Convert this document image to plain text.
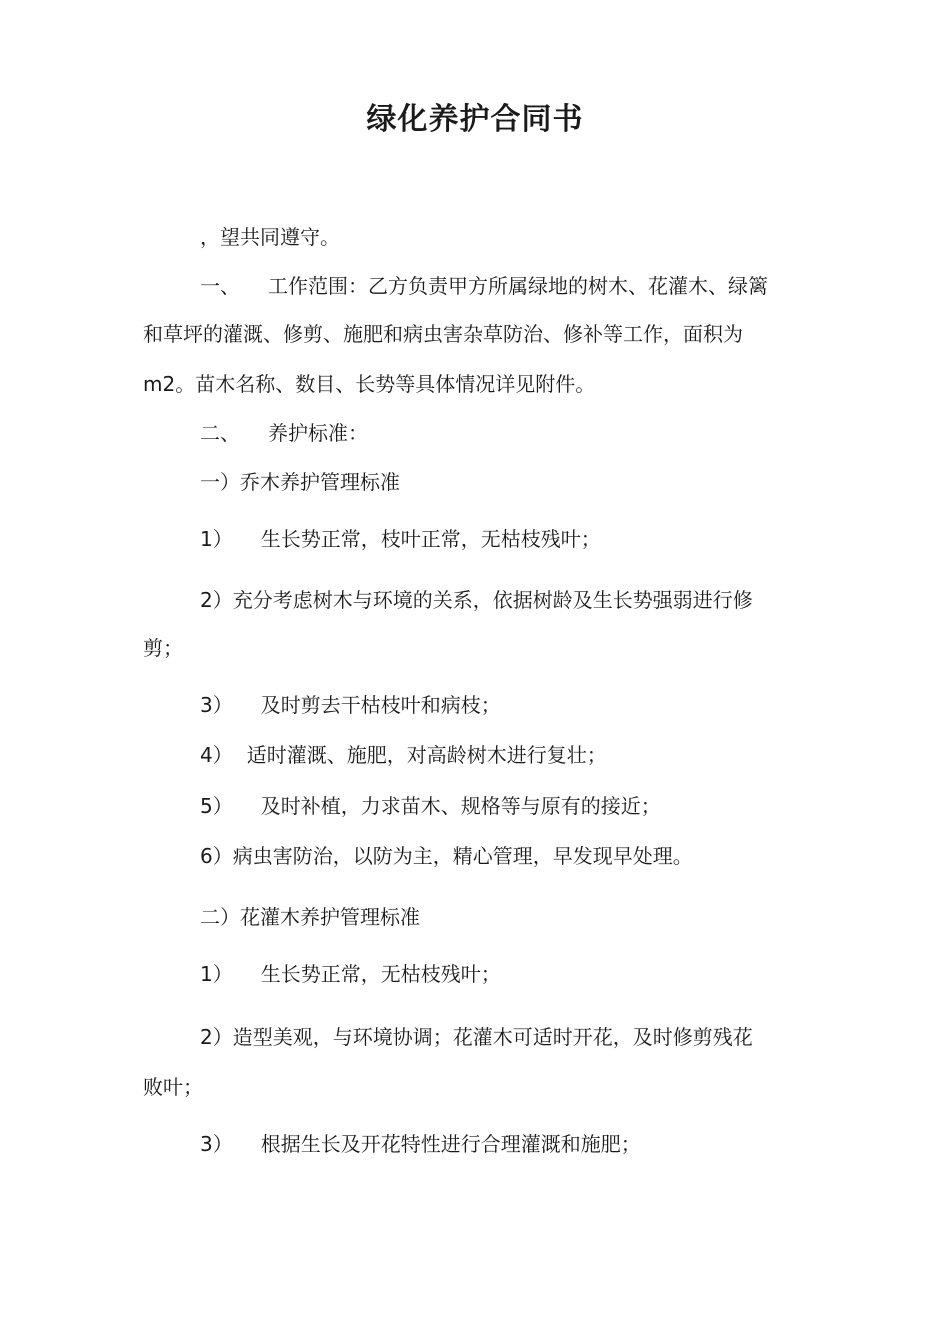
绿化养护合同书
，望共同遵守。
一、 工作范围：乙方负责甲方所属绿地的树木、花灌木、绿篱
和草坪的灌溉、修剪、施肥和病虫害杂草防治、修补等工作，面积为
m2。苗木名称、数目、长势等具体情况详见附件。
二、 养护标准：
一）乔木养护管理标准
1） 生长势正常，枝叶正常，无枯枝残叶；
2）充分考虑树木与环境的关系，依据树龄及生长势强弱进行修
剪；
3） 及时剪去干枯枝叶和病枝；
4） 适时灌溉、施肥，对高龄树木进行复壮；
5） 及时补植，力求苗木、规格等与原有的接近；
6）病虫害防治，以防为主，精心管理，早发现早处理。
二）花灌木养护管理标准
1） 生长势正常，无枯枝残叶；
2）造型美观，与环境协调；花灌木可适时开花，及时修剪残花
败叶；
3） 根据生长及开花特性进行合理灌溉和施肥；
